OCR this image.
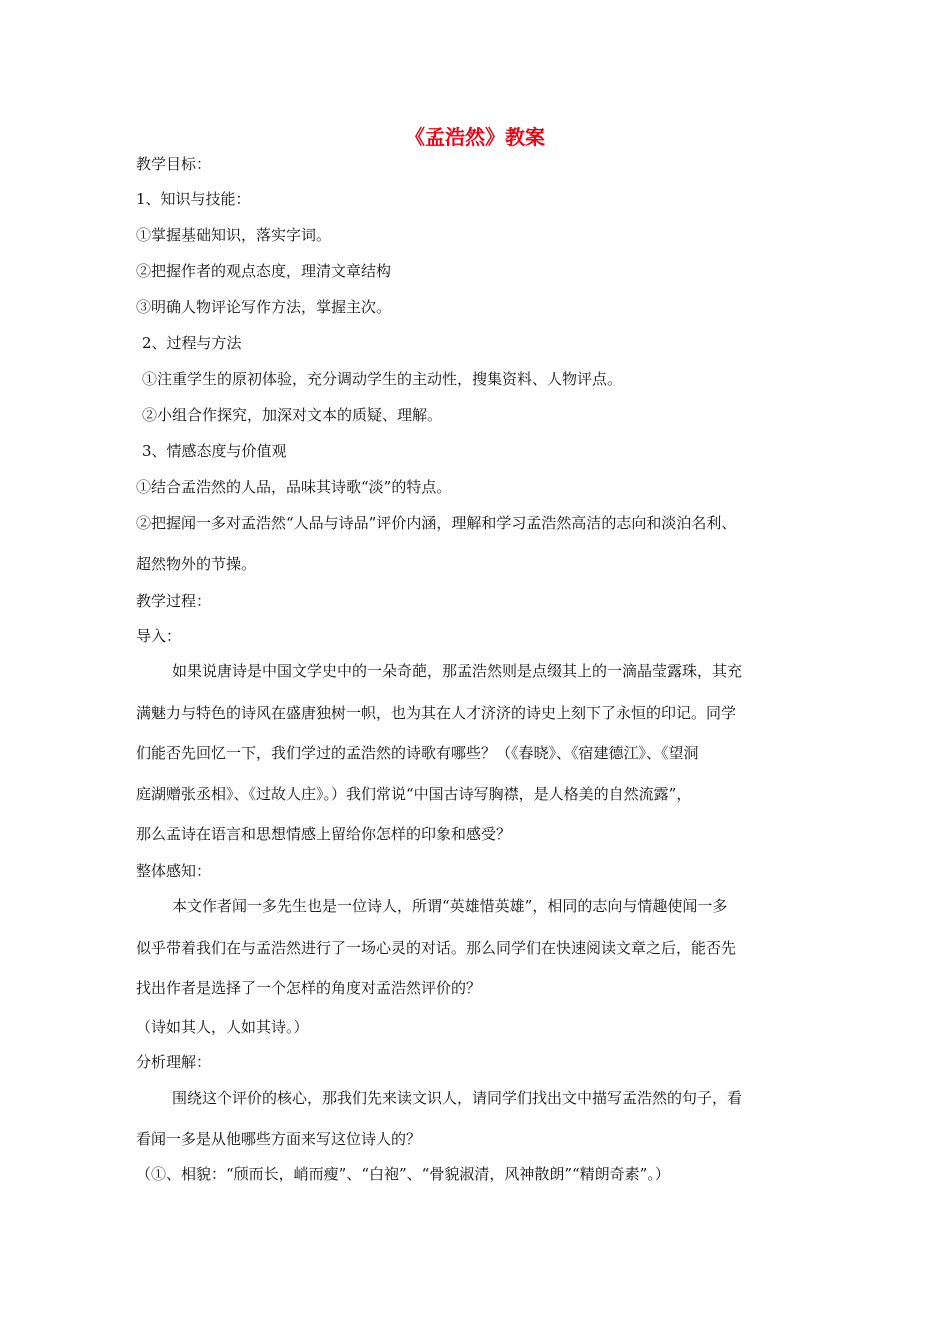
《孟浩然》教案
教学目标：
1、知识与技能：
①掌握基础知识，落实字词。
②把握作者的观点态度，理清文章结构
③明确人物评论写作方法，掌握主次。
2、过程与方法
①注重学生的原初体验，充分调动学生的主动性，搜集资料、人物评点。
②小组合作探究，加深对文本的质疑、理解。
3、情感态度与价值观
①结合孟浩然的人品，品味其诗歌“淡”的特点。
②把握闻一多对孟浩然“人品与诗品”评价内涵，理解和学习孟浩然高洁的志向和淡泊名利、
超然物外的节操。
教学过程：
导入：
如果说唐诗是中国文学史中的一朵奇葩，那孟浩然则是点缀其上的一滴晶莹露珠，其充
满魅力与特色的诗风在盛唐独树一帜，也为其在人才济济的诗史上刻下了永恒的印记。同学
们能否先回忆一下，我们学过的孟浩然的诗歌有哪些？（《春晓》、《宿建德江》、《望洞
庭湖赠张丞相》、《过故人庄》。）我们常说“中国古诗写胸襟，是人格美的自然流露”，
那么孟诗在语言和思想情感上留给你怎样的印象和感受？
整体感知：
本文作者闻一多先生也是一位诗人，所谓“英雄惜英雄”，相同的志向与情趣使闻一多
似乎带着我们在与孟浩然进行了一场心灵的对话。那么同学们在快速阅读文章之后，能否先
找出作者是选择了一个怎样的角度对孟浩然评价的？
（诗如其人，人如其诗。）
分析理解：
围绕这个评价的核心，那我们先来读文识人，请同学们找出文中描写孟浩然的句子，看
看闻一多是从他哪些方面来写这位诗人的？
（①、相貌：“颀而长，峭而瘦”、“白袍”、“骨貌淑清，风神散朗”“精朗奇素”。）
